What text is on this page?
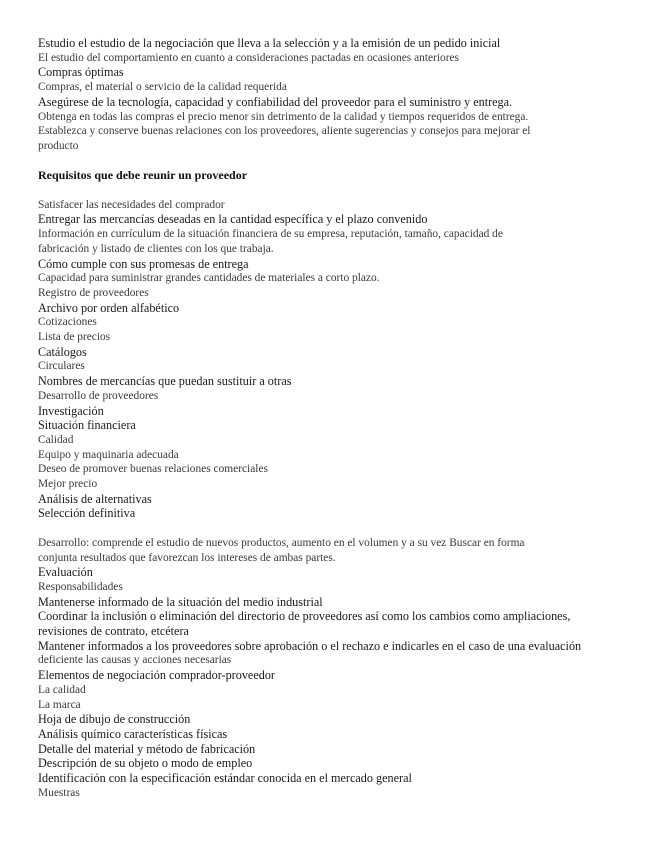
Estudio el estudio de la negociación que lleva a la selección y a la emisión de un pedido inicial

El estudio del comportamiento en cuanto a consideraciones pactadas en ocasiones anteriores

Compras óptimas

Compras, el material o servicio de la calidad requerida

Asegúrese de la tecnología, capacidad y confiabilidad del proveedor para el suministro y entrega.

Obtenga en todas las compras el precio menor sin detrimento de la calidad y tiempos requeridos de entrega.

Establezca y conserve buenas relaciones con los proveedores, aliente sugerencias y consejos para mejorar el

producto

Requisitos que debe reunir un proveedor

Satisfacer las necesidades del comprador

Entregar las mercancías deseadas en la cantidad específica y el plazo convenido

Información en currículum de la situación financiera de su empresa, reputación, tamaño, capacidad de

fabricación y listado de clientes con los que trabaja.

Cómo cumple con sus promesas de entrega

Capacidad para suministrar grandes cantidades de materiales a corto plazo.

Registro de proveedores

Archivo por orden alfabético

Cotizaciones

Lista de precios

Catálogos

Circulares

Nombres de mercancías que puedan sustituir a otras

Desarrollo de proveedores

Investigación

Situación financiera

Calidad

Equipo y maquinaria adecuada

Deseo de promover buenas relaciones comerciales

Mejor precio

Análisis de alternativas

Selección definitiva

Desarrollo: comprende el estudio de nuevos productos, aumento en el volumen y a su vez Buscar en forma

conjunta resultados que favorezcan los intereses de ambas partes.

Evaluación

Responsabilidades

Mantenerse informado de la situación del medio industrial

Coordinar la inclusión o eliminación del directorio de proveedores así como los cambios como ampliaciones,

revisiones de contrato, etcétera

Mantener informados a los proveedores sobre aprobación o el rechazo e indicarles en el caso de una evaluación

deficiente las causas y acciones necesarias

Elementos de negociación comprador-proveedor

La calidad

La marca

Hoja de dibujo de construcción

Análisis químico características físicas

Detalle del material y método de fabricación

Descripción de su objeto o modo de empleo

Identificación con la especificación estándar conocida en el mercado general

Muestras
